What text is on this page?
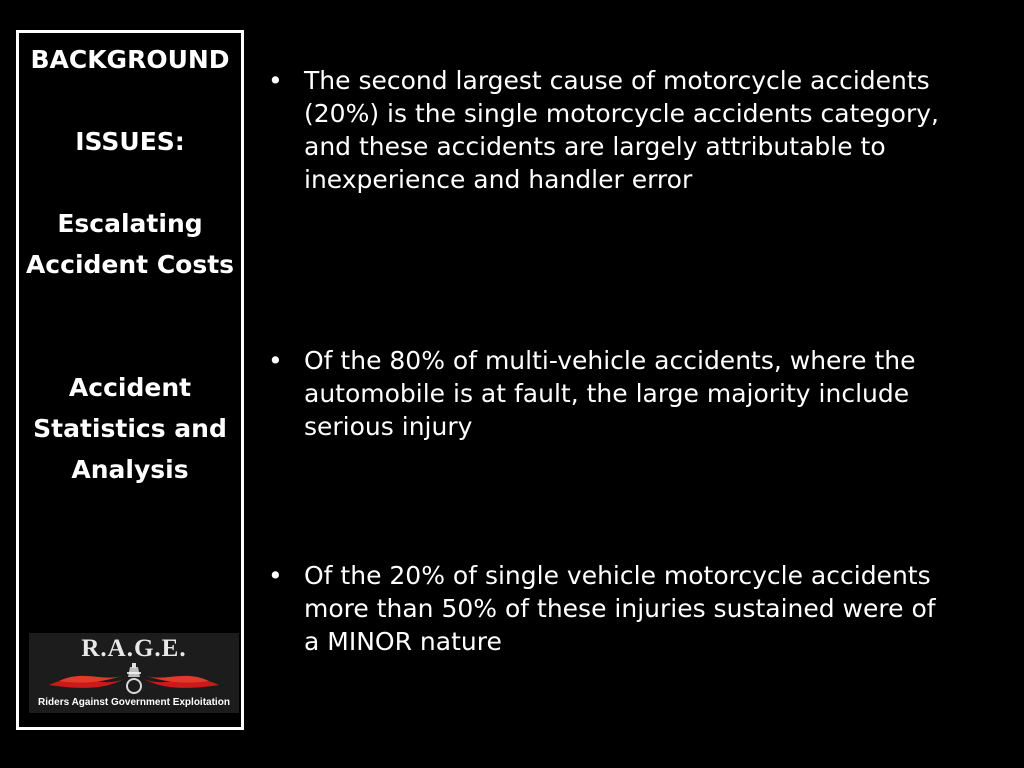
BACKGROUND
ISSUES:
Escalating
Accident Costs
Accident
Statistics and
Analysis
R.A.G.E.
Riders Against Government Exploitation
• The second largest cause of motorcycle accidents (20%) is the single motorcycle accidents category, and these accidents are largely attributable to inexperience and handler error
• Of the 80% of multi-vehicle accidents, where the automobile is at fault, the large majority include serious injury
• Of the 20% of single vehicle motorcycle accidents more than 50% of these injuries sustained were of a MINOR nature
